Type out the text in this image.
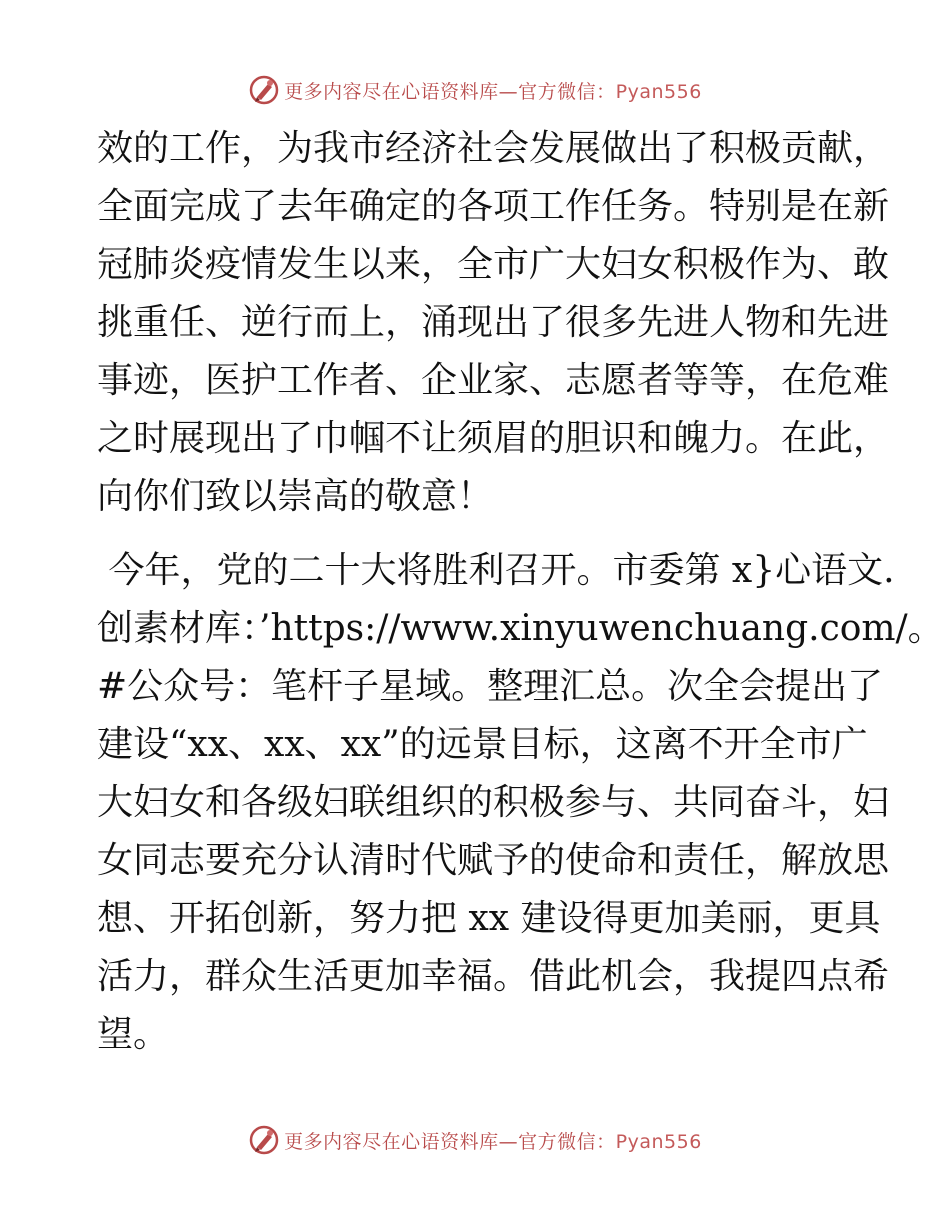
更多内容尽在心语资料库—官方微信：Pyan556

效的工作，为我市经济社会发展做出了积极贡献，
全面完成了去年确定的各项工作任务。特别是在新
冠肺炎疫情发生以来，全市广大妇女积极作为、敢
挑重任、逆行而上，涌现出了很多先进人物和先进
事迹，医护工作者、企业家、志愿者等等，在危难
之时展现出了巾帼不让须眉的胆识和魄力。在此，
向你们致以崇高的敬意！

今年，党的二十大将胜利召开。市委第 x}心语文.
创素材库：’https://www.xinyuwenchuang.com/。
#公众号：笔杆子星域。整理汇总。次全会提出了
建设“xx、xx、xx”的远景目标，这离不开全市广
大妇女和各级妇联组织的积极参与、共同奋斗，妇
女同志要充分认清时代赋予的使命和责任，解放思
想、开拓创新，努力把 xx 建设得更加美丽，更具
活力，群众生活更加幸福。借此机会，我提四点希
望。

更多内容尽在心语资料库—官方微信：Pyan556
